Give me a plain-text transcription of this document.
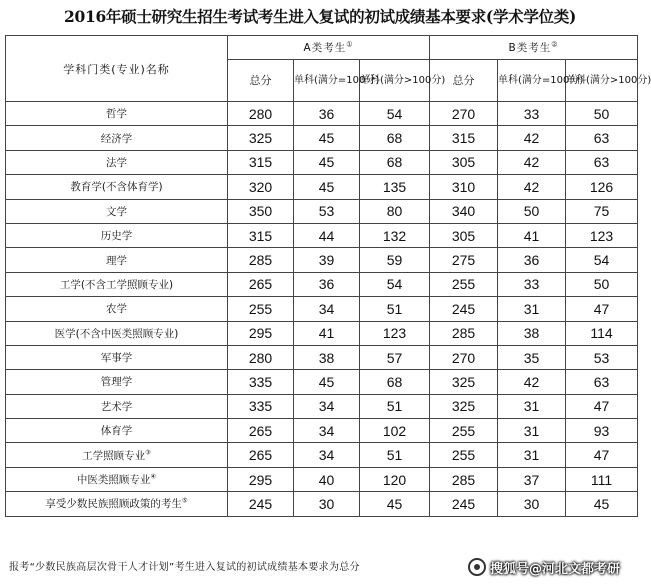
2016年硕士研究生招生考试考生进入复试的初试成绩基本要求(学术学位类)
学科门类(专业)名称	A类考生①			B类考生②
	总分	单科(满分=100分)	单科(满分>100分)	总分	单科(满分=100分)	单科(满分>100分)
哲学	280	36	54	270	33	50
经济学	325	45	68	315	42	63
法学	315	45	68	305	42	63
教育学(不含体育学)	320	45	135	310	42	126
文学	350	53	80	340	50	75
历史学	315	44	132	305	41	123
理学	285	39	59	275	36	54
工学(不含工学照顾专业)	265	36	54	255	33	50
农学	255	34	51	245	31	47
医学(不含中医类照顾专业)	295	41	123	285	38	114
军事学	280	38	57	270	35	53
管理学	335	45	68	325	42	63
艺术学	335	34	51	325	31	47
体育学	265	34	102	255	31	93
工学照顾专业③	265	34	51	255	31	47
中医类照顾专业④	295	40	120	285	37	111
享受少数民族照顾政策的考生⑤	245	30	45	245	30	45
报考“少数民族高层次骨干人才计划”考生进入复试的初试成绩基本要求为总分	搜狐号@河北文都考研
